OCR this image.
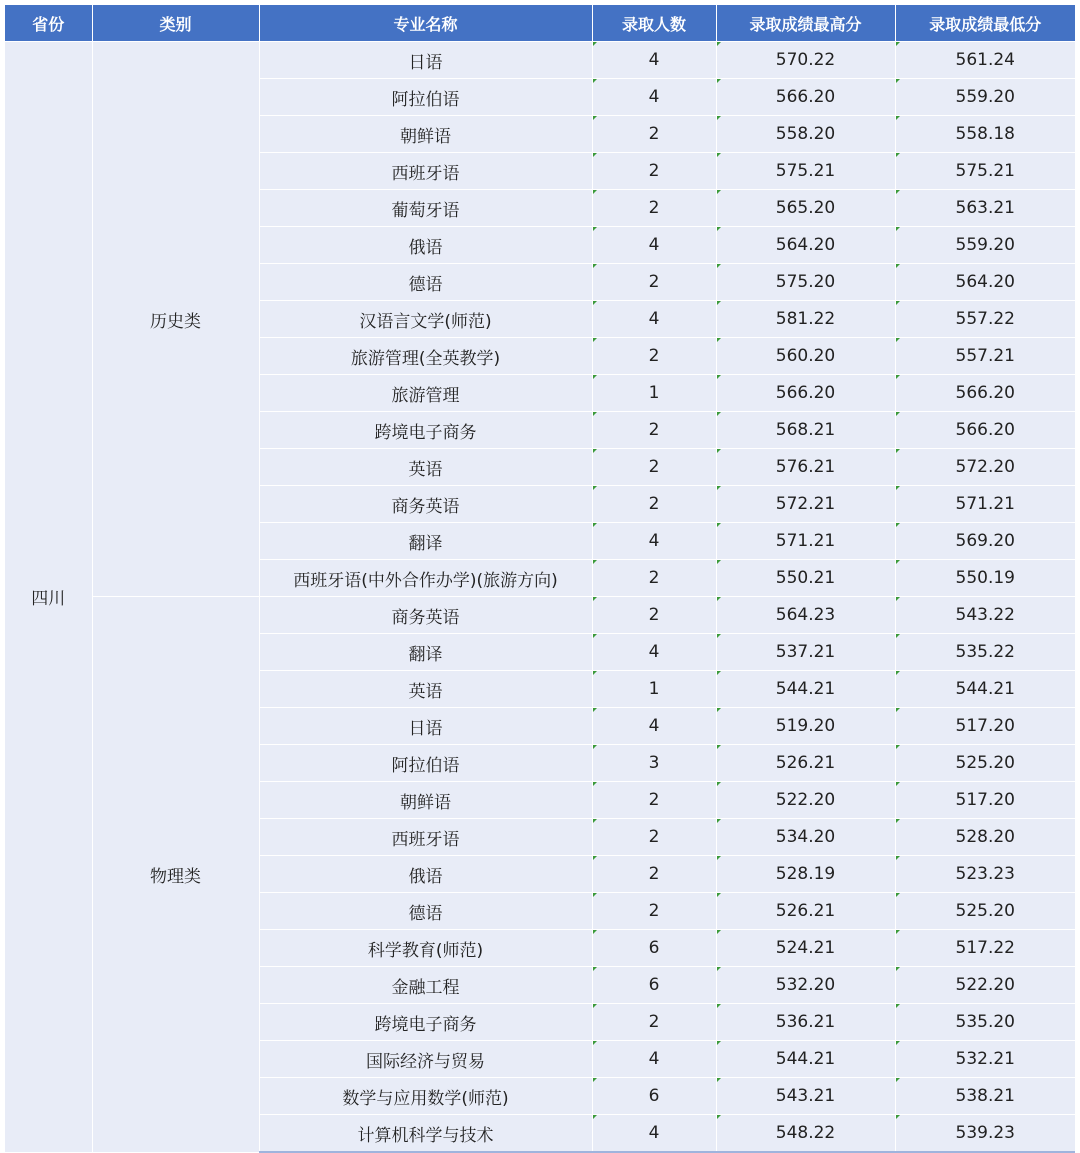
省份	类别	专业名称	录取人数	录取成绩最高分	录取成绩最低分
四川	历史类	日语	4	570.22	561.24
		阿拉伯语	4	566.20	559.20
		朝鲜语	2	558.20	558.18
		西班牙语	2	575.21	575.21
		葡萄牙语	2	565.20	563.21
		俄语	4	564.20	559.20
		德语	2	575.20	564.20
		汉语言文学(师范)	4	581.22	557.22
		旅游管理(全英教学)	2	560.20	557.21
		旅游管理	1	566.20	566.20
		跨境电子商务	2	568.21	566.20
		英语	2	576.21	572.20
		商务英语	2	572.21	571.21
		翻译	4	571.21	569.20
		西班牙语(中外合作办学)(旅游方向)	2	550.21	550.19
	物理类	商务英语	2	564.23	543.22
		翻译	4	537.21	535.22
		英语	1	544.21	544.21
		日语	4	519.20	517.20
		阿拉伯语	3	526.21	525.20
		朝鲜语	2	522.20	517.20
		西班牙语	2	534.20	528.20
		俄语	2	528.19	523.23
		德语	2	526.21	525.20
		科学教育(师范)	6	524.21	517.22
		金融工程	6	532.20	522.20
		跨境电子商务	2	536.21	535.20
		国际经济与贸易	4	544.21	532.21
		数学与应用数学(师范)	6	543.21	538.21
		计算机科学与技术	4	548.22	539.23
